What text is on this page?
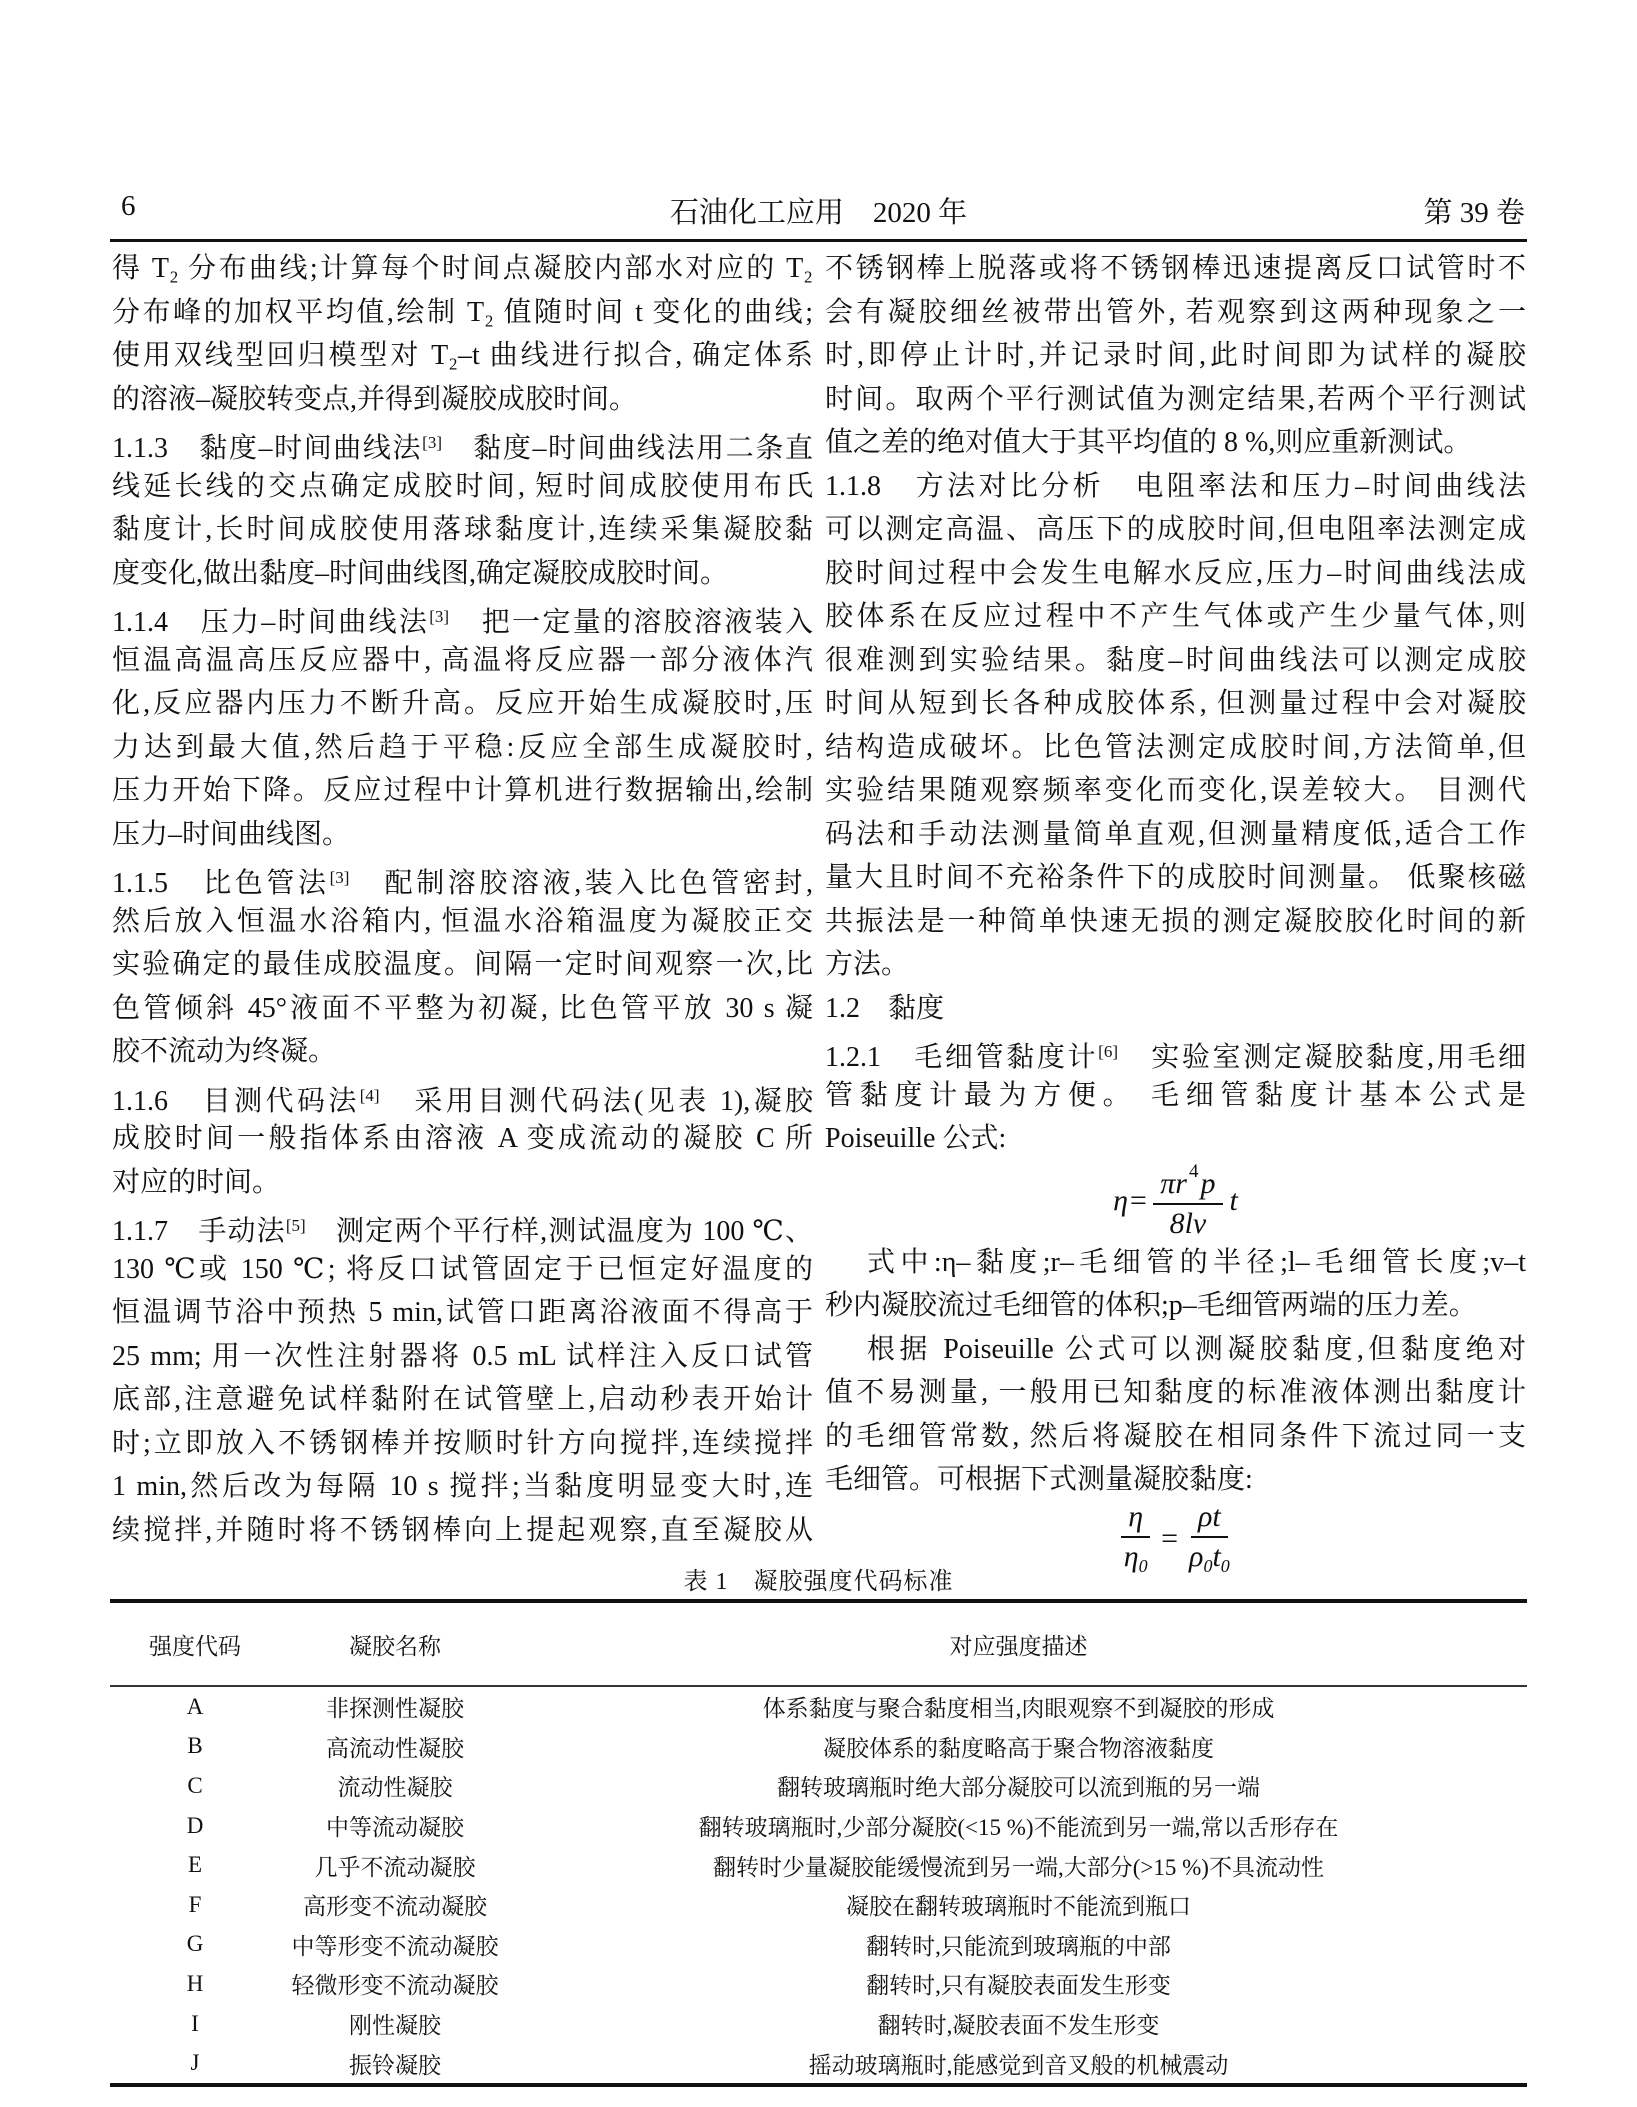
6	石油化工应用　2020 年	第 39 卷
得 T₂ 分布曲线;计算每个时间点凝胶内部水对应的 T₂
分布峰的加权平均值,绘制 T₂ 值随时间 t 变化的曲线;
使用双线型回归模型对 T₂–t 曲线进行拟合, 确定体系
的溶液–凝胶转变点,并得到凝胶成胶时间。
1.1.3　黏度–时间曲线法[3]　黏度–时间曲线法用二条直
线延长线的交点确定成胶时间, 短时间成胶使用布氏
黏度计,长时间成胶使用落球黏度计,连续采集凝胶黏
度变化,做出黏度–时间曲线图,确定凝胶成胶时间。
1.1.4　压力–时间曲线法[3]　把一定量的溶胶溶液装入
恒温高温高压反应器中, 高温将反应器一部分液体汽
化,反应器内压力不断升高。反应开始生成凝胶时,压
力达到最大值,然后趋于平稳:反应全部生成凝胶时,
压力开始下降。反应过程中计算机进行数据输出,绘制
压力–时间曲线图。
1.1.5　比色管法[3]　配制溶胶溶液,装入比色管密封,
然后放入恒温水浴箱内, 恒温水浴箱温度为凝胶正交
实验确定的最佳成胶温度。间隔一定时间观察一次,比
色管倾斜 45°液面不平整为初凝, 比色管平放 30 s 凝
胶不流动为终凝。
1.1.6　目测代码法[4]　采用目测代码法(见表 1),凝胶
成胶时间一般指体系由溶液 A 变成流动的凝胶 C 所
对应的时间。
1.1.7　手动法[5]　测定两个平行样,测试温度为 100 ℃、
130 ℃或 150 ℃; 将反口试管固定于已恒定好温度的
恒温调节浴中预热 5 min,试管口距离浴液面不得高于
25 mm; 用一次性注射器将 0.5 mL 试样注入反口试管
底部,注意避免试样黏附在试管壁上,启动秒表开始计
时;立即放入不锈钢棒并按顺时针方向搅拌,连续搅拌
1 min,然后改为每隔 10 s 搅拌;当黏度明显变大时,连
续搅拌,并随时将不锈钢棒向上提起观察,直至凝胶从
不锈钢棒上脱落或将不锈钢棒迅速提离反口试管时不
会有凝胶细丝被带出管外, 若观察到这两种现象之一
时,即停止计时,并记录时间,此时间即为试样的凝胶
时间。取两个平行测试值为测定结果,若两个平行测试
值之差的绝对值大于其平均值的 8 %,则应重新测试。
1.1.8　方法对比分析　电阻率法和压力–时间曲线法
可以测定高温、高压下的成胶时间,但电阻率法测定成
胶时间过程中会发生电解水反应,压力–时间曲线法成
胶体系在反应过程中不产生气体或产生少量气体,则
很难测到实验结果。黏度–时间曲线法可以测定成胶
时间从短到长各种成胶体系, 但测量过程中会对凝胶
结构造成破坏。比色管法测定成胶时间,方法简单,但
实验结果随观察频率变化而变化,误差较大。 目测代
码法和手动法测量简单直观,但测量精度低,适合工作
量大且时间不充裕条件下的成胶时间测量。 低聚核磁
共振法是一种简单快速无损的测定凝胶胶化时间的新
方法。
1.2　黏度
1.2.1　毛细管黏度计[6]　实验室测定凝胶黏度,用毛细
管黏度计最为方便。 毛细管黏度计基本公式是
Poiseuille 公式:
$\eta= \frac{\pi r ^4p}{8lv}$ t
式中:η–黏度;r–毛细管的半径;l–毛细管长度;v–t
秒内凝胶流过毛细管的体积;p–毛细管两端的压力差。
根据 Poiseuille 公式可以测凝胶黏度,但黏度绝对
值不易测量, 一般用已知黏度的标准液体测出黏度计
的毛细管常数, 然后将凝胶在相同条件下流过同一支
毛细管。可根据下式测量凝胶黏度:
$\frac{\eta}{\eta_0} = \frac{\rho t}{\rho_0t_0}$
表 1　凝胶强度代码标准
强度代码	凝胶名称	对应强度描述
A	非探测性凝胶	体系黏度与聚合黏度相当,肉眼观察不到凝胶的形成
B	高流动性凝胶	凝胶体系的黏度略高于聚合物溶液黏度
C	流动性凝胶	翻转玻璃瓶时绝大部分凝胶可以流到瓶的另一端
D	中等流动凝胶	翻转玻璃瓶时,少部分凝胶(<15 %)不能流到另一端,常以舌形存在
E	几乎不流动凝胶	翻转时少量凝胶能缓慢流到另一端,大部分(>15 %)不具流动性
F	高形变不流动凝胶	凝胶在翻转玻璃瓶时不能流到瓶口
G	中等形变不流动凝胶	翻转时,只能流到玻璃瓶的中部
H	轻微形变不流动凝胶	翻转时,只有凝胶表面发生形变
I	刚性凝胶	翻转时,凝胶表面不发生形变
J	振铃凝胶	摇动玻璃瓶时,能感觉到音叉般的机械震动
